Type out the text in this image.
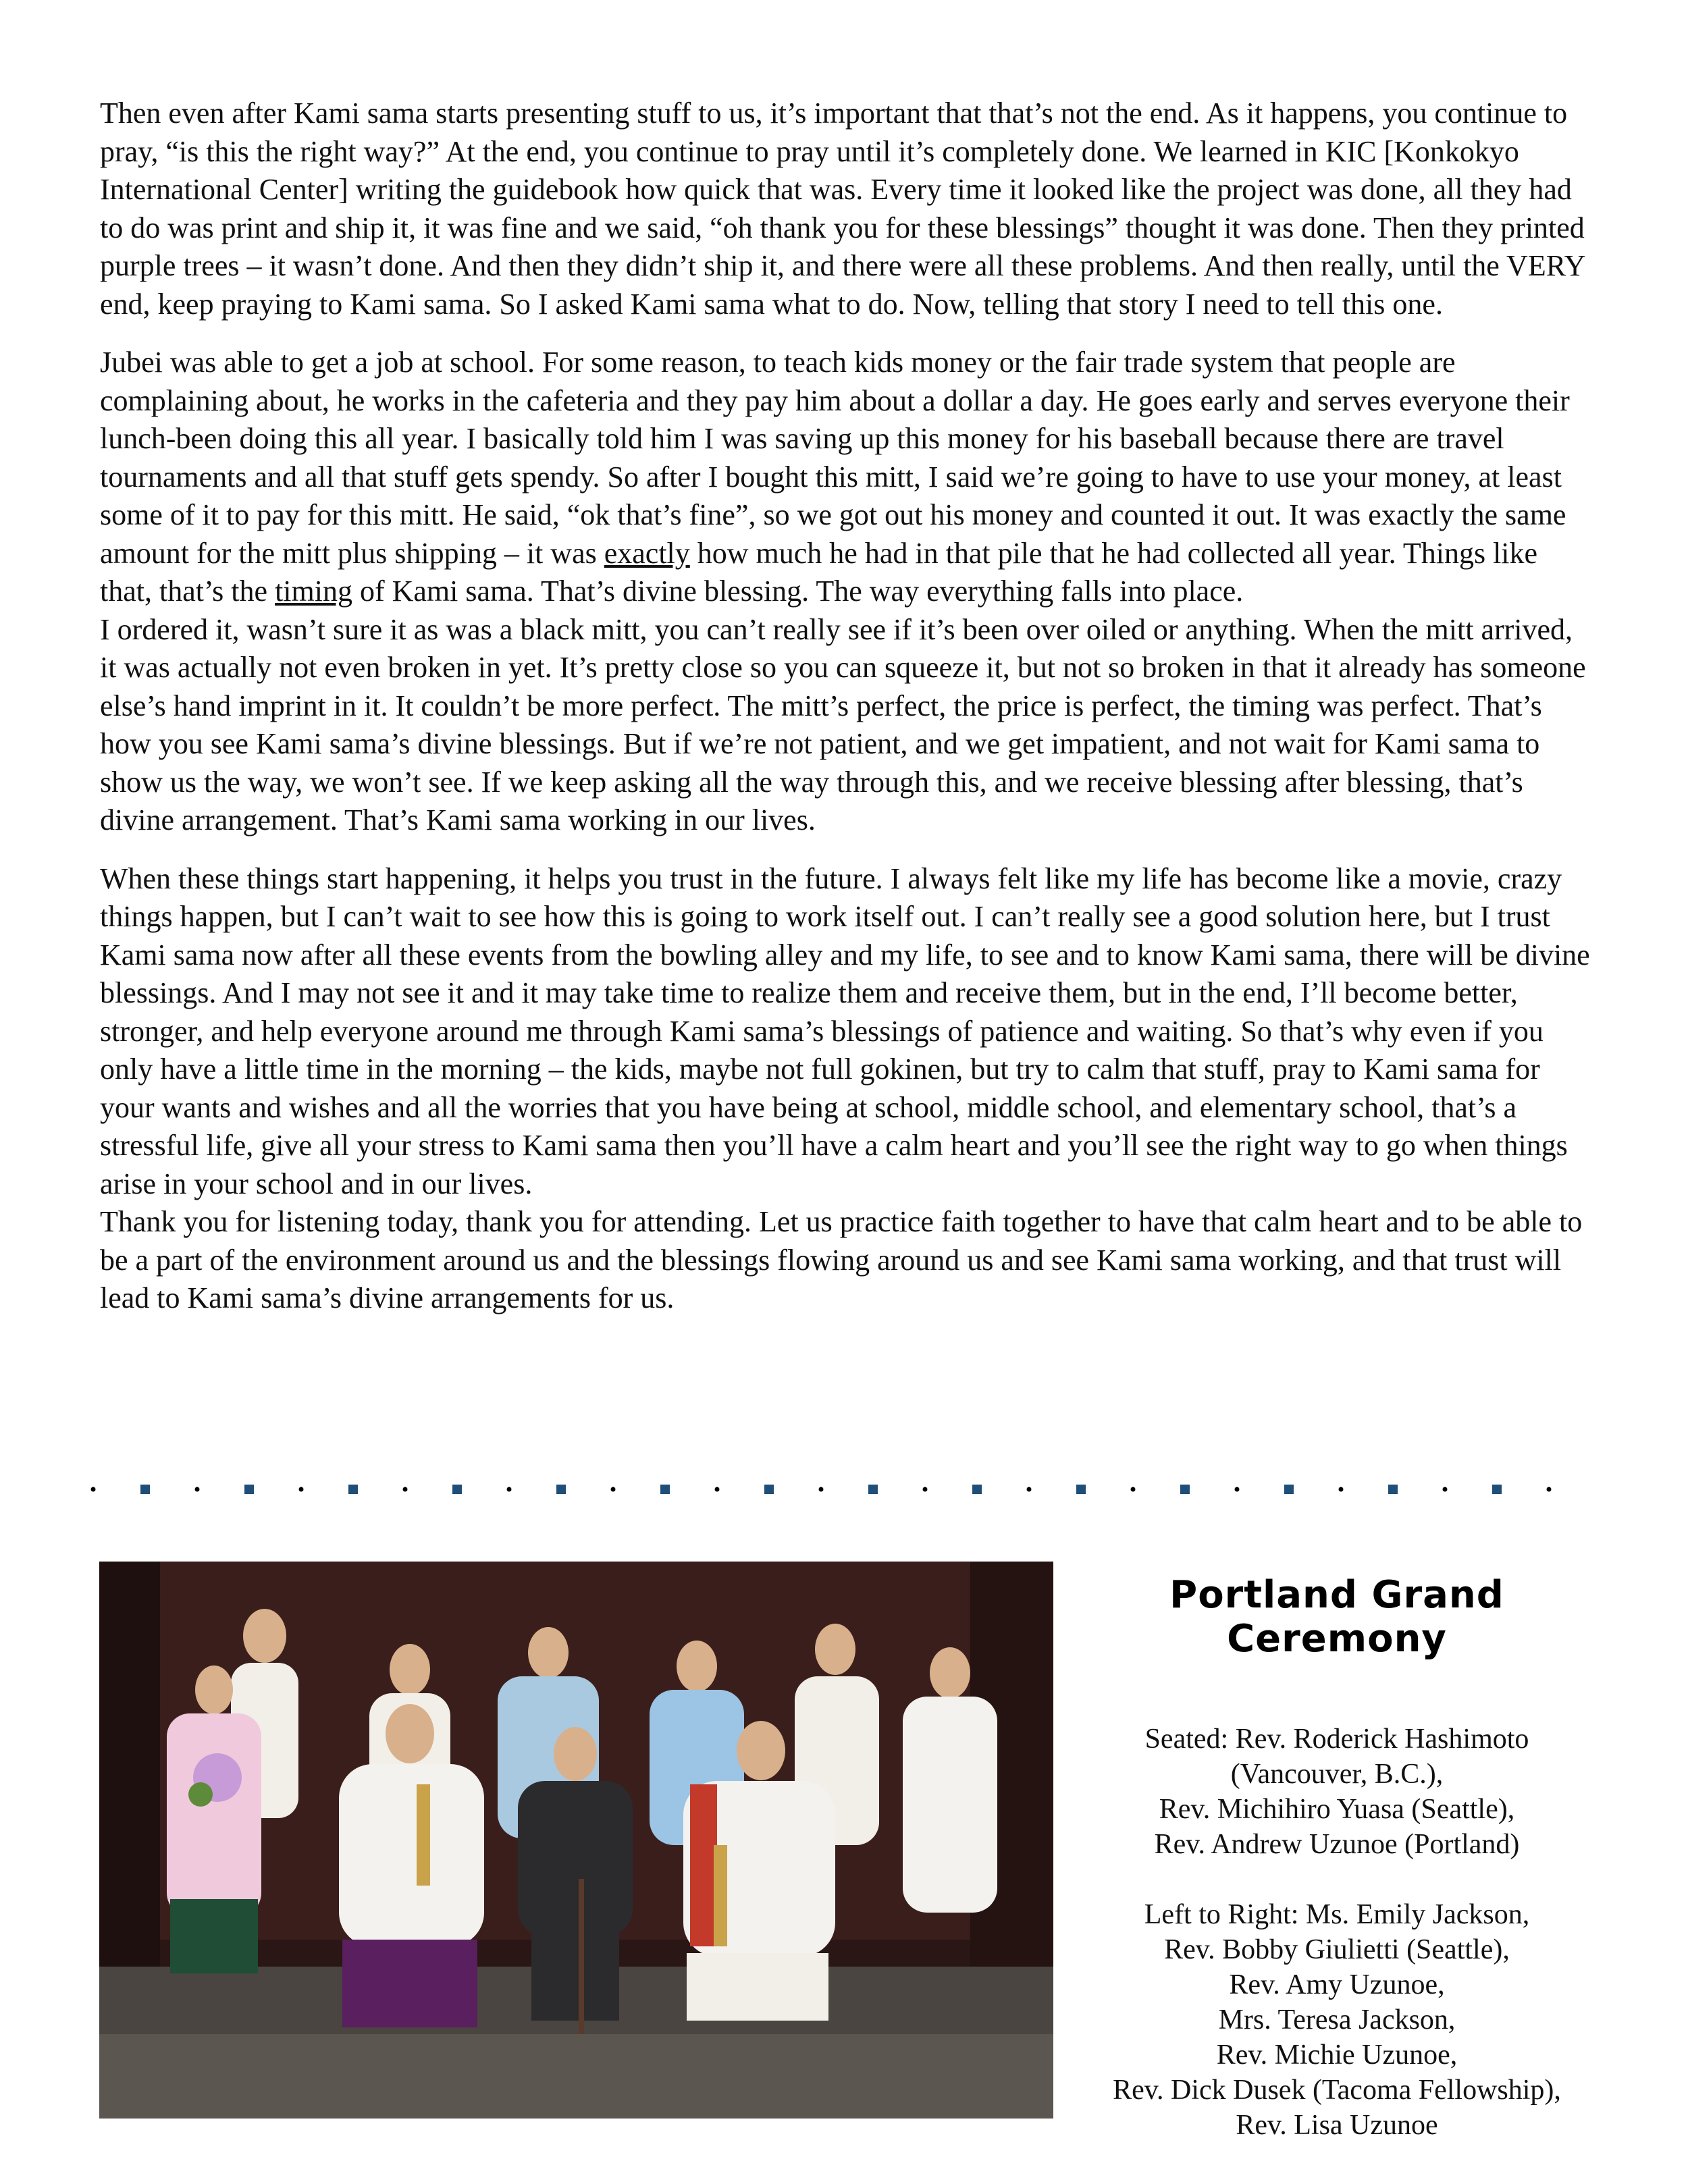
Then even after Kami sama starts presenting stuff to us, it’s important that that’s not the end. As it happens, you continue to pray, “is this the right way?” At the end, you continue to pray until it’s completely done. We learned in KIC [Konkokyo International Center] writing the guidebook how quick that was. Every time it looked like the project was done, all they had to do was print and ship it, it was fine and we said, “oh thank you for these blessings” thought it was done. Then they printed purple trees – it wasn’t done. And then they didn’t ship it, and there were all these problems. And then really, until the VERY end, keep praying to Kami sama. So I asked Kami sama what to do. Now, telling that story I need to tell this one.

Jubei was able to get a job at school. For some reason, to teach kids money or the fair trade system that people are complaining about, he works in the cafeteria and they pay him about a dollar a day. He goes early and serves everyone their lunch-been doing this all year. I basically told him I was saving up this money for his baseball because there are travel tournaments and all that stuff gets spendy. So after I bought this mitt, I said we’re going to have to use your money, at least some of it to pay for this mitt. He said, “ok that’s fine”, so we got out his money and counted it out. It was exactly the same amount for the mitt plus shipping – it was exactly how much he had in that pile that he had collected all year. Things like that, that’s the timing of Kami sama. That’s divine blessing. The way everything falls into place.

I ordered it, wasn’t sure it as was a black mitt, you can’t really see if it’s been over oiled or anything. When the mitt arrived, it was actually not even broken in yet. It’s pretty close so you can squeeze it, but not so broken in that it already has someone else’s hand imprint in it. It couldn’t be more perfect. The mitt’s perfect, the price is perfect, the timing was perfect. That’s how you see Kami sama’s divine blessings. But if we’re not patient, and we get impatient, and not wait for Kami sama to show us the way, we won’t see. If we keep asking all the way through this, and we receive blessing after blessing, that’s divine arrangement. That’s Kami sama working in our lives.

When these things start happening, it helps you trust in the future. I always felt like my life has become like a movie, crazy things happen, but I can’t wait to see how this is going to work itself out. I can’t really see a good solution here, but I trust Kami sama now after all these events from the bowling alley and my life, to see and to know Kami sama, there will be divine blessings. And I may not see it and it may take time to realize them and receive them, but in the end, I’ll become better, stronger, and help everyone around me through Kami sama’s blessings of patience and waiting. So that’s why even if you only have a little time in the morning – the kids, maybe not full gokinen, but try to calm that stuff, pray to Kami sama for your wants and wishes and all the worries that you have being at school, middle school, and elementary school, that’s a stressful life, give all your stress to Kami sama then you’ll have a calm heart and you’ll see the right way to go when things arise in your school and in our lives.

Thank you for listening today, thank you for attending. Let us practice faith together to have that calm heart and to be able to be a part of the environment around us and the blessings flowing around us and see Kami sama working, and that trust will lead to Kami sama’s divine arrangements for us.

Portland Grand Ceremony
Seated: Rev. Roderick Hashimoto
(Vancouver, B.C.),
Rev. Michihiro Yuasa (Seattle),
Rev. Andrew Uzunoe (Portland)
Left to Right: Ms. Emily Jackson,
Rev. Bobby Giulietti (Seattle),
Rev. Amy Uzunoe,
Mrs. Teresa Jackson,
Rev. Michie Uzunoe,
Rev. Dick Dusek (Tacoma Fellowship),
Rev. Lisa Uzunoe
